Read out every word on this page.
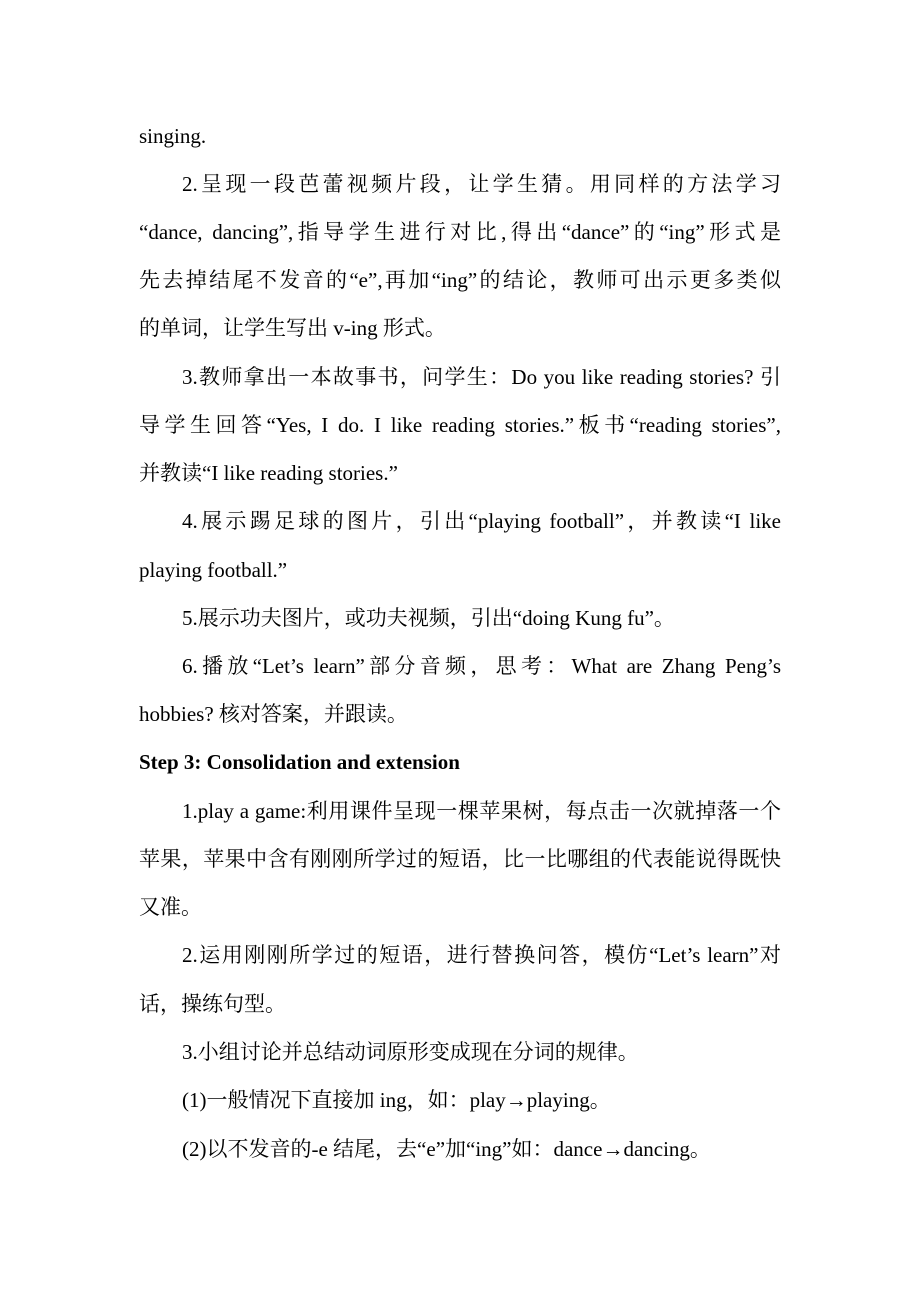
singing.
2.呈现一段芭蕾视频片段，让学生猜。用同样的方法学习
“dance, dancing”,指导学生进行对比,得出“dance”的“ing”形式是
先去掉结尾不发音的“e”,再加“ing”的结论，教师可出示更多类似
的单词，让学生写出 v-ing 形式。
3.教师拿出一本故事书，问学生：Do you like reading stories? 引
导学生回答“Yes, I do. I like reading stories.”板书“reading stories”,
并教读“I like reading stories.”
4.展示踢足球的图片，引出“playing football”，并教读“I like
playing football.”
5.展示功夫图片，或功夫视频，引出“doing Kung fu”。
6.播放“Let’s learn”部分音频，思考：What are Zhang Peng’s
hobbies? 核对答案，并跟读。
Step 3: Consolidation and extension
1.play a game:利用课件呈现一棵苹果树，每点击一次就掉落一个
苹果，苹果中含有刚刚所学过的短语，比一比哪组的代表能说得既快
又准。
2.运用刚刚所学过的短语，进行替换问答，模仿“Let’s learn”对
话，操练句型。
3.小组讨论并总结动词原形变成现在分词的规律。
(1)一般情况下直接加 ing，如：play→playing。
(2)以不发音的-e 结尾，去“e”加“ing”如：dance→dancing。
